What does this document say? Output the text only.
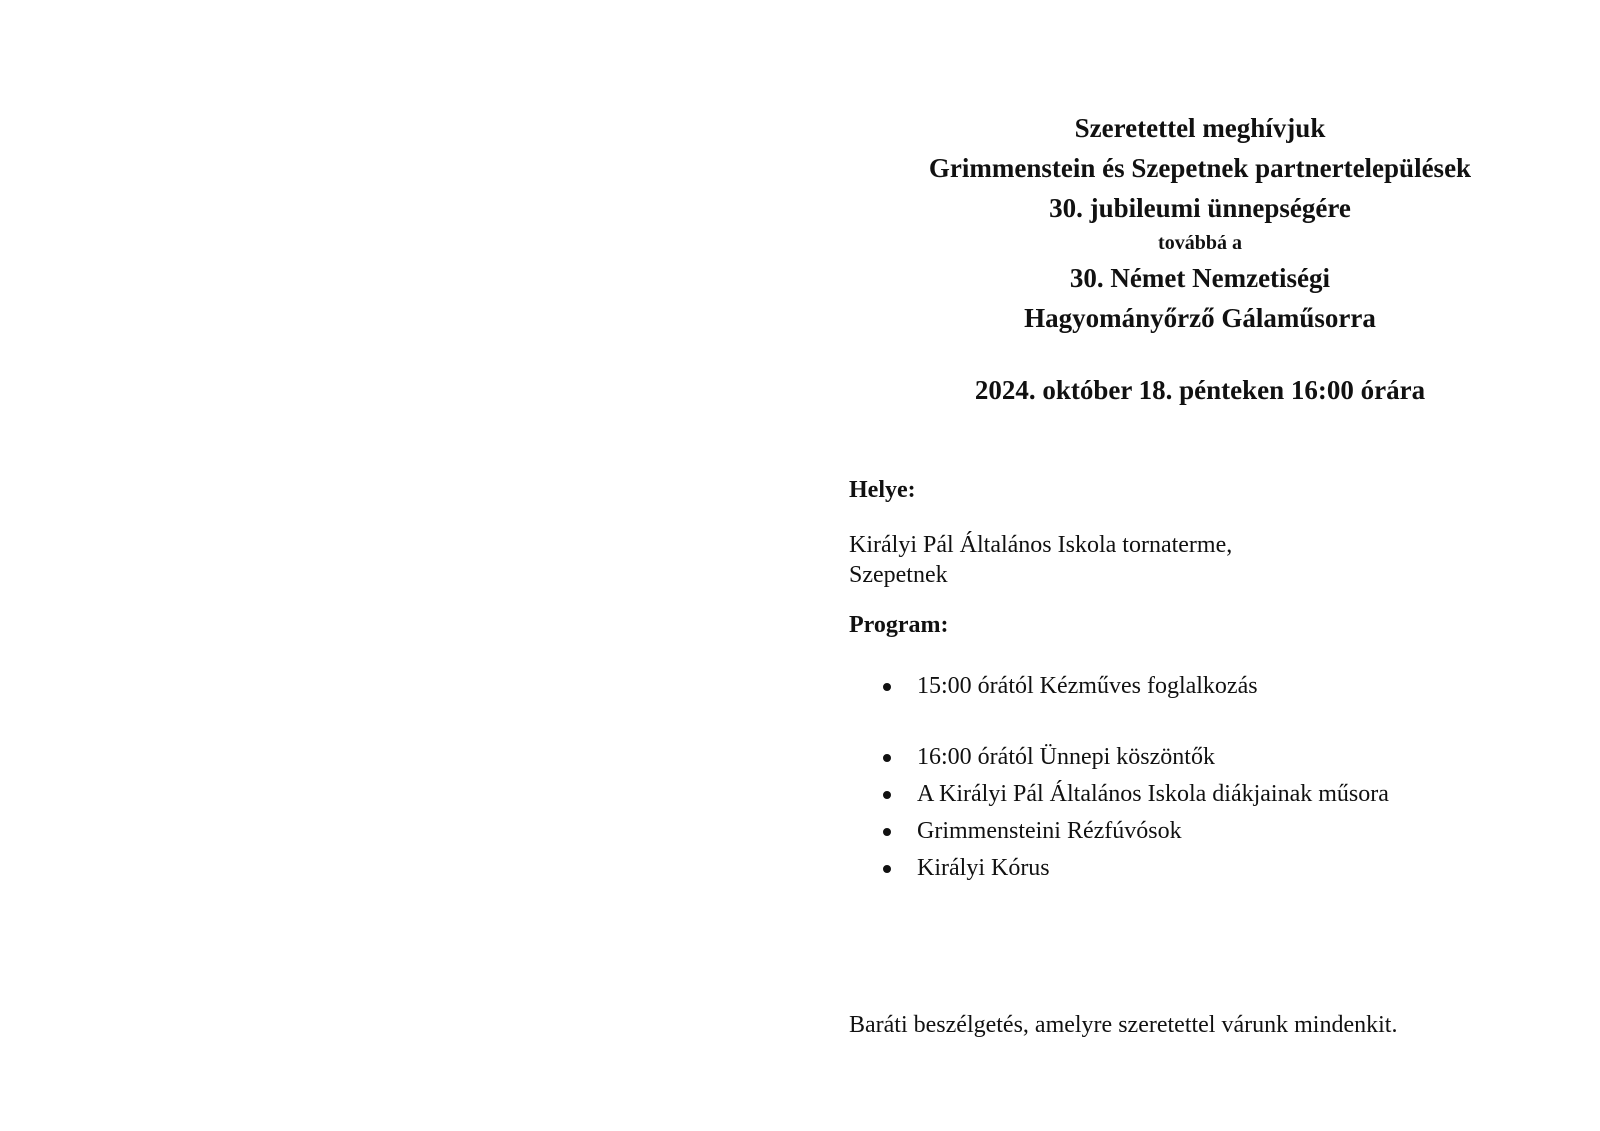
Szeretettel meghívjuk
Grimmenstein és Szepetnek partnertelepülések
30. jubileumi ünnepségére
továbbá a
30. Német Nemzetiségi
Hagyományőrző Gálaműsorra
2024. október 18. pénteken 16:00 órára
Helye:
Királyi Pál Általános Iskola tornaterme,
Szepetnek
Program:
15:00 órától Kézműves foglalkozás
16:00 órától Ünnepi köszöntők
A Királyi Pál Általános Iskola diákjainak műsora
Grimmensteini Rézfúvósok
Királyi Kórus
Baráti beszélgetés, amelyre szeretettel várunk mindenkit.
